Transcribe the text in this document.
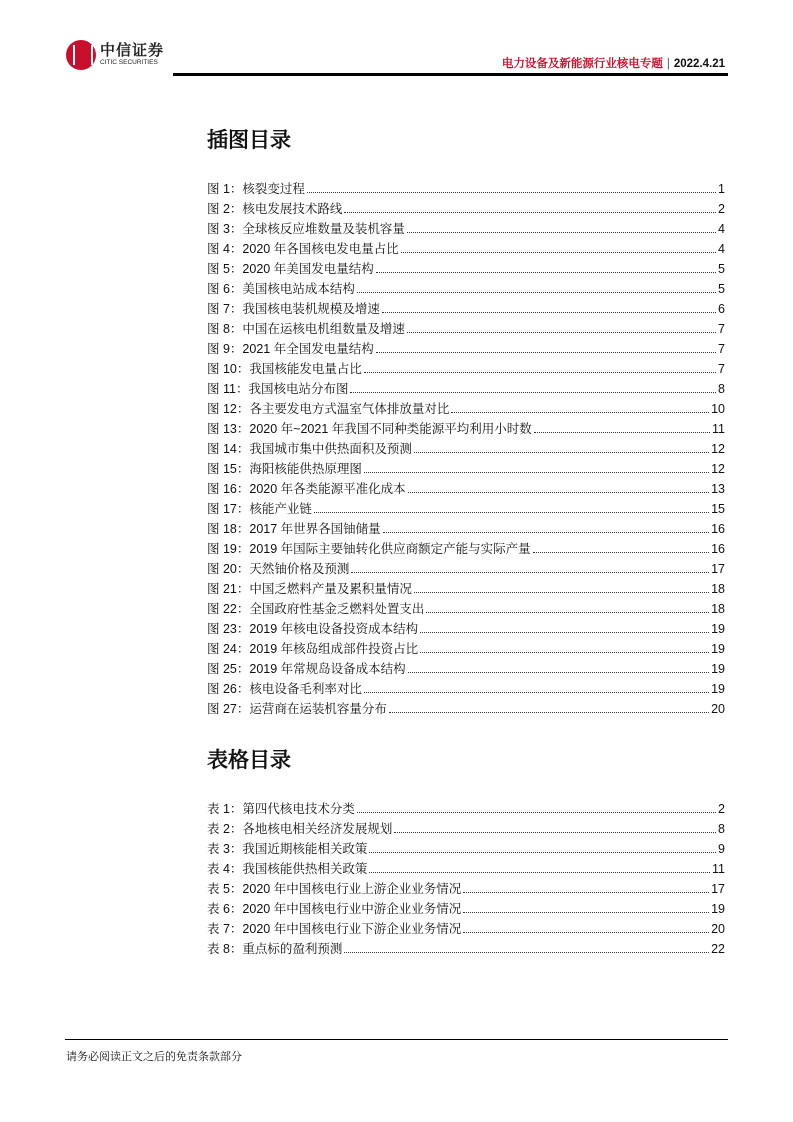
中信证券
CITIC SECURITIES	电力设备及新能源行业核电专题 | 2022.4.21
插图目录
图 1：核裂变过程	1
图 2：核电发展技术路线	2
图 3：全球核反应堆数量及装机容量	4
图 4：2020 年各国核电发电量占比	4
图 5：2020 年美国发电量结构	5
图 6：美国核电站成本结构	5
图 7：我国核电装机规模及增速	6
图 8：中国在运核电机组数量及增速	7
图 9：2021 年全国发电量结构	7
图 10：我国核能发电量占比	7
图 11：我国核电站分布图	8
图 12：各主要发电方式温室气体排放量对比	10
图 13：2020 年~2021 年我国不同种类能源平均利用小时数	11
图 14：我国城市集中供热面积及预测	12
图 15：海阳核能供热原理图	12
图 16：2020 年各类能源平准化成本	13
图 17：核能产业链	15
图 18：2017 年世界各国铀储量	16
图 19：2019 年国际主要铀转化供应商额定产能与实际产量	16
图 20：天然铀价格及预测	17
图 21：中国乏燃料产量及累积量情况	18
图 22：全国政府性基金乏燃料处置支出	18
图 23：2019 年核电设备投资成本结构	19
图 24：2019 年核岛组成部件投资占比	19
图 25：2019 年常规岛设备成本结构	19
图 26：核电设备毛利率对比	19
图 27：运营商在运装机容量分布	20
表格目录
表 1：第四代核电技术分类	2
表 2：各地核电相关经济发展规划	8
表 3：我国近期核能相关政策	9
表 4：我国核能供热相关政策	11
表 5：2020 年中国核电行业上游企业业务情况	17
表 6：2020 年中国核电行业中游企业业务情况	19
表 7：2020 年中国核电行业下游企业业务情况	20
表 8：重点标的盈利预测	22
请务必阅读正文之后的免责条款部分
